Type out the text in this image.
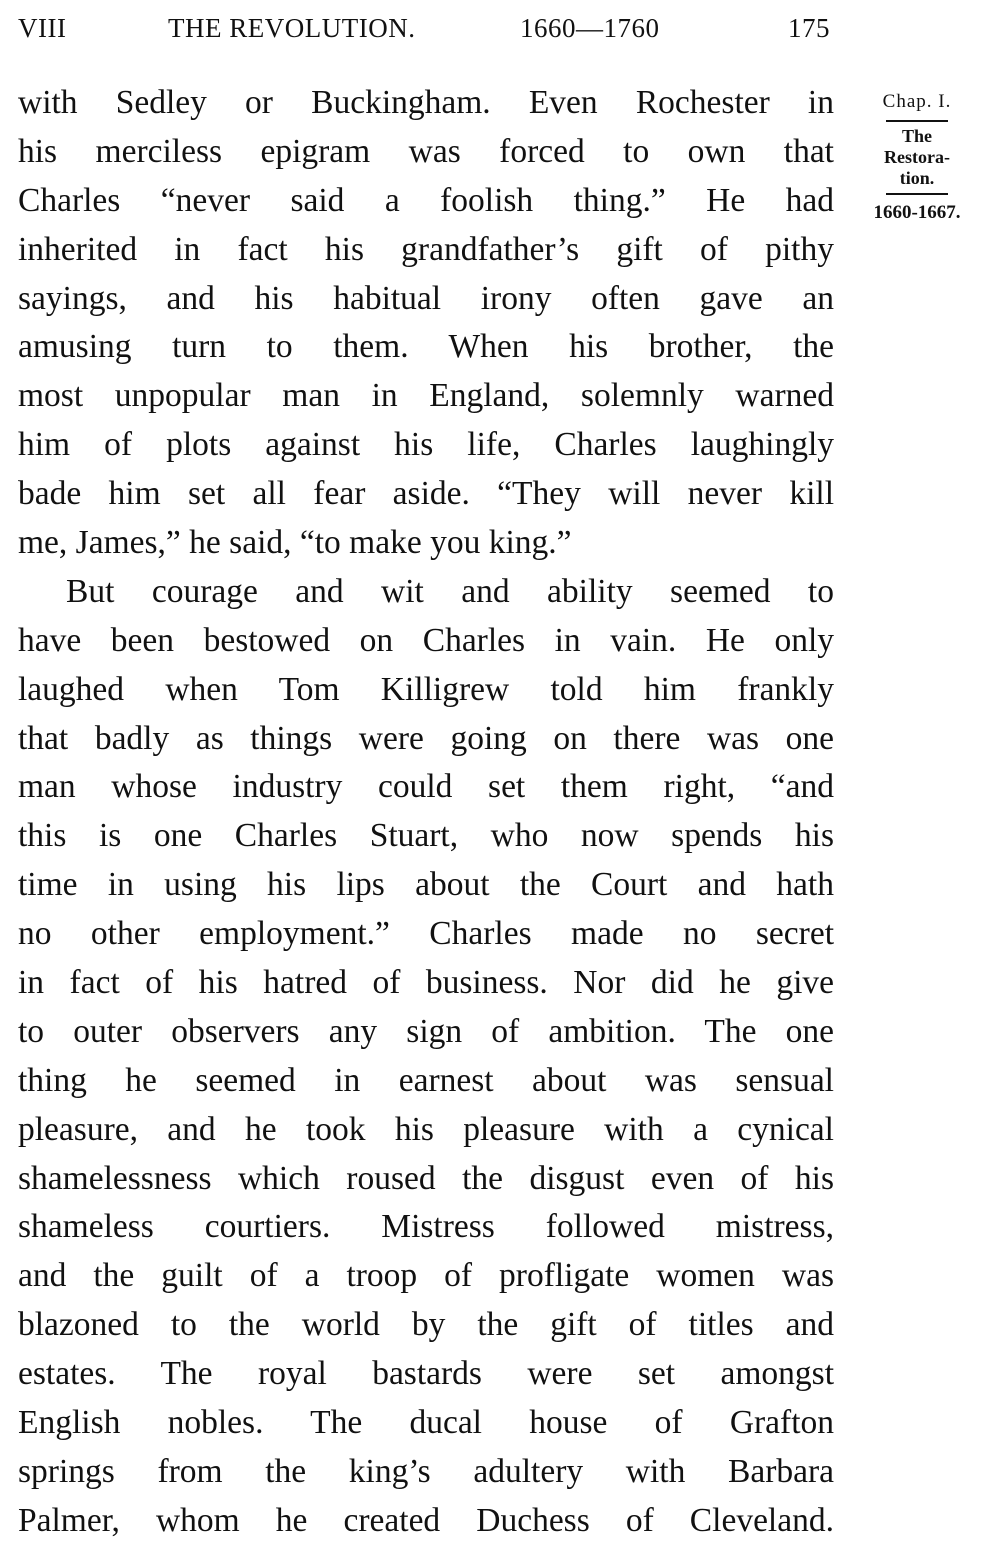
VIII	THE REVOLUTION.	1660—1760	175
with Sedley or Buckingham. Even Rochester in
his merciless epigram was forced to own that
Charles “never said a foolish thing.” He had
inherited in fact his grandfather’s gift of pithy
sayings, and his habitual irony often gave an
amusing turn to them. When his brother, the
most unpopular man in England, solemnly warned
him of plots against his life, Charles laughingly
bade him set all fear aside. “They will never kill
me, James,” he said, “to make you king.”
But courage and wit and ability seemed to
have been bestowed on Charles in vain. He only
laughed when Tom Killigrew told him frankly
that badly as things were going on there was one
man whose industry could set them right, “and
this is one Charles Stuart, who now spends his
time in using his lips about the Court and hath
no other employment.” Charles made no secret
in fact of his hatred of business. Nor did he give
to outer observers any sign of ambition. The one
thing he seemed in earnest about was sensual
pleasure, and he took his pleasure with a cynical
shamelessness which roused the disgust even of his
shameless courtiers. Mistress followed mistress,
and the guilt of a troop of profligate women was
blazoned to the world by the gift of titles and
estates. The royal bastards were set amongst
English nobles. The ducal house of Grafton
springs from the king’s adultery with Barbara
Palmer, whom he created Duchess of Cleveland.
Chap. I.
The
Restora-
tion.
1660-1667.
